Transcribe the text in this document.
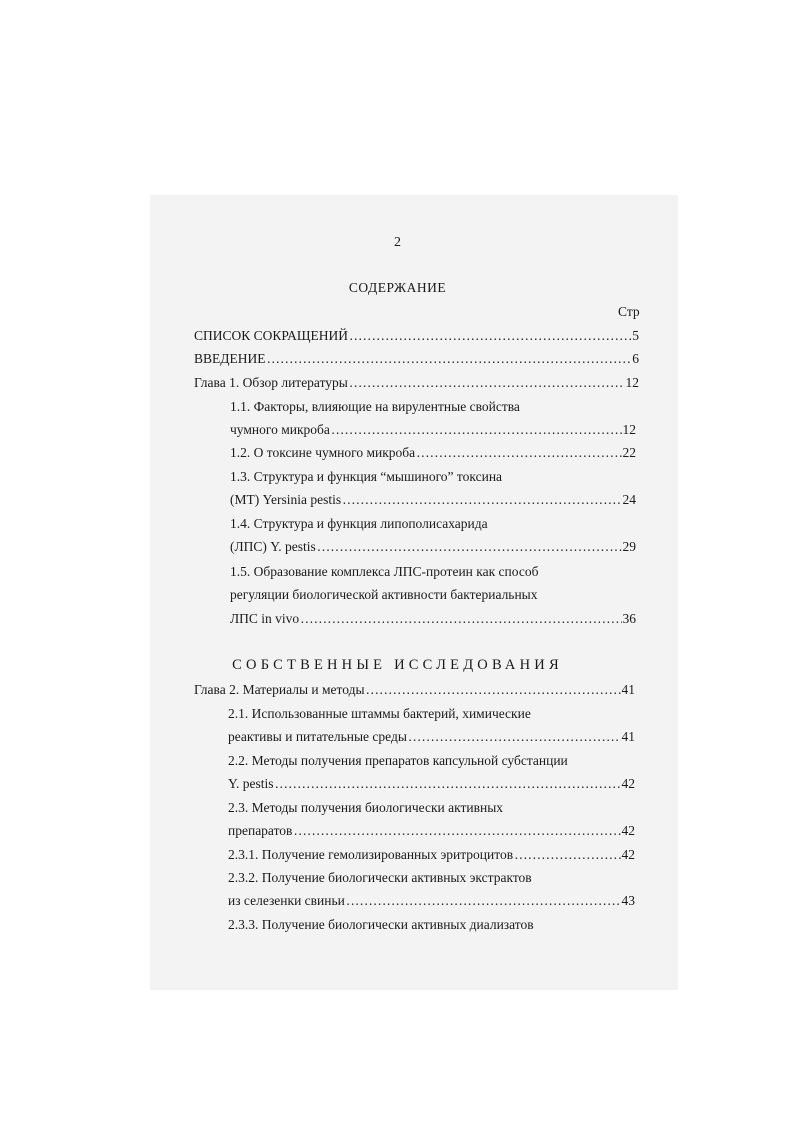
2
СОДЕРЖАНИЕ
Стр
СПИСОК СОКРАЩЕНИЙ ……………………………………………………………………………………………………………………………………………………………	5
ВВЕДЕНИЕ ……………………………………………………………………………………………………………………………………………………………	6
Глава 1. Обзор литературы ……………………………………………………………………………………………………………………………………………………………	12
1.1. Факторы, влияющие на вирулентные свойства
чумного микроба ……………………………………………………………………………………………………………………………………………………………	12
1.2. О токсине чумного микроба ……………………………………………………………………………………………………………………………………………………………	22
1.3. Структура и функция “мышиного” токсина
(МТ) Yersinia pestis ……………………………………………………………………………………………………………………………………………………………	24
1.4. Структура и функция липополисахарида
(ЛПС) Y. pestis ……………………………………………………………………………………………………………………………………………………………	29
1.5. Образование комплекса ЛПС-протеин как способ
регуляции биологической активности бактериальных
ЛПС in vivo ……………………………………………………………………………………………………………………………………………………………	36
СОБСТВЕННЫЕ ИССЛЕДОВАНИЯ
Глава 2. Материалы и методы ……………………………………………………………………………………………………………………………………………………………	41
2.1. Использованные штаммы бактерий, химические
реактивы и питательные среды ……………………………………………………………………………………………………………………………………………………………	41
2.2. Методы получения препаратов капсульной субстанции
Y. pestis ……………………………………………………………………………………………………………………………………………………………	42
2.3. Методы получения биологически активных
препаратов ……………………………………………………………………………………………………………………………………………………………	42
2.3.1. Получение гемолизированных эритроцитов ……………………………………………………………………………………………………………………………………………………………	42
2.3.2. Получение биологически активных экстрактов
из селезенки свиньи ……………………………………………………………………………………………………………………………………………………………	43
2.3.3. Получение биологически активных диализатов
